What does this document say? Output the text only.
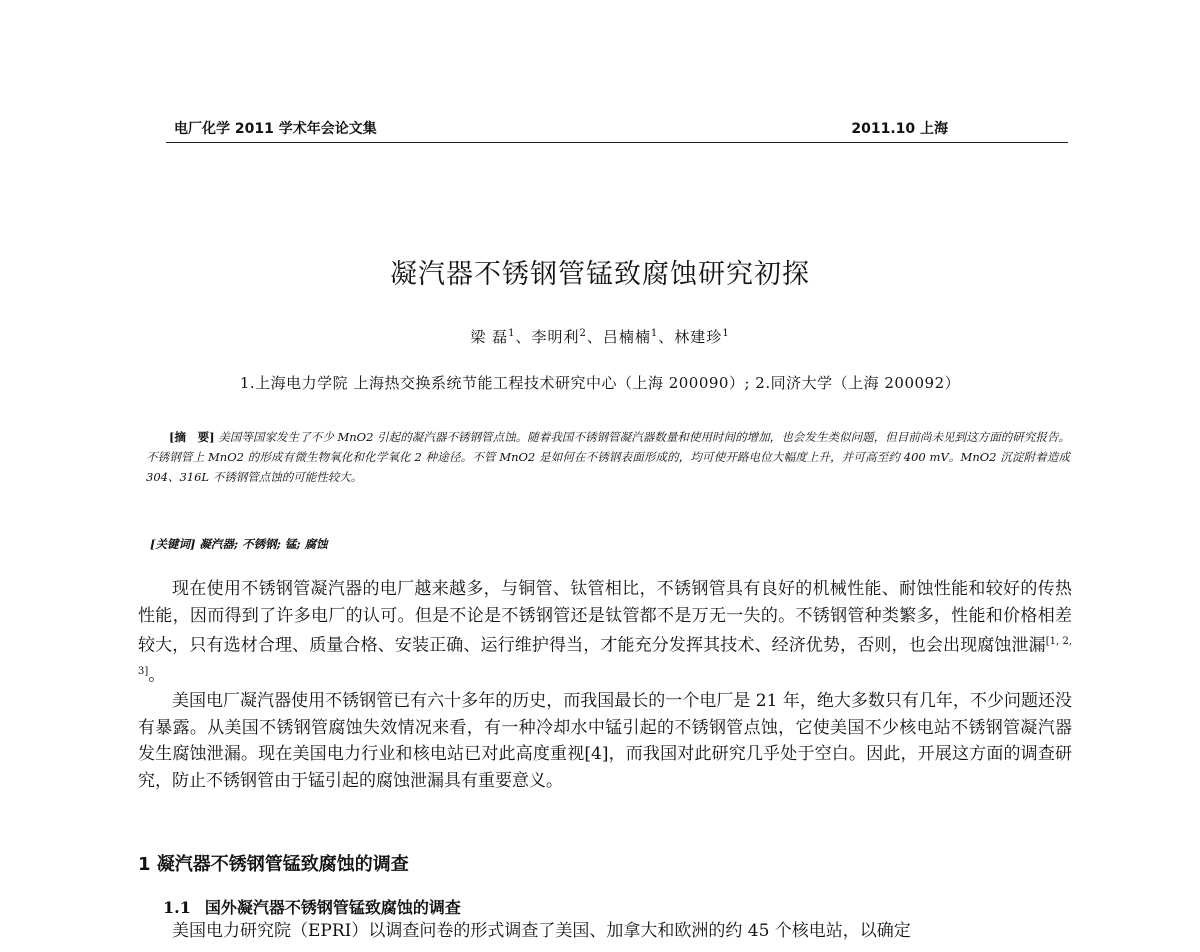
电厂化学 2011 学术年会论文集	2011.10 上海
凝汽器不锈钢管锰致腐蚀研究初探
梁 磊$^1$、李明利$^2$、吕楠楠$^1$、林建珍$^1$
1.上海电力学院 上海热交换系统节能工程技术研究中心（上海 200090）; 2.同济大学（上海 200092）

[摘　要] 美国等国家发生了不少 MnO2 引起的凝汽器不锈钢管点蚀。随着我国不锈钢管凝汽器数量和使用时间的增加，也会发生类似问题，但目前尚未见到这方面的研究报告。不锈钢管上 MnO2 的形成有微生物氧化和化学氧化 2 种途径。不管 MnO2 是如何在不锈钢表面形成的，均可使开路电位大幅度上升，并可高至约 400 mV。MnO2 沉淀附着造成 304、316L 不锈钢管点蚀的可能性较大。

[关键词] 凝汽器; 不锈钢; 锰; 腐蚀

现在使用不锈钢管凝汽器的电厂越来越多，与铜管、钛管相比，不锈钢管具有良好的机械性能、耐蚀性能和较好的传热性能，因而得到了许多电厂的认可。但是不论是不锈钢管还是钛管都不是万无一失的。不锈钢管种类繁多，性能和价格相差较大，只有选材合理、质量合格、安装正确、运行维护得当，才能充分发挥其技术、经济优势，否则，也会出现腐蚀泄漏[1, 2, 3]。

美国电厂凝汽器使用不锈钢管已有六十多年的历史，而我国最长的一个电厂是 21 年，绝大多数只有几年，不少问题还没有暴露。从美国不锈钢管腐蚀失效情况来看，有一种冷却水中锰引起的不锈钢管点蚀，它使美国不少核电站不锈钢管凝汽器发生腐蚀泄漏。现在美国电力行业和核电站已对此高度重视[4]，而我国对此研究几乎处于空白。因此，开展这方面的调查研究，防止不锈钢管由于锰引起的腐蚀泄漏具有重要意义。

1 凝汽器不锈钢管锰致腐蚀的调查
1.1 国外凝汽器不锈钢管锰致腐蚀的调查

美国电力研究院（EPRI）以调查问卷的形式调查了美国、加拿大和欧洲的约 45 个核电站，以确定
